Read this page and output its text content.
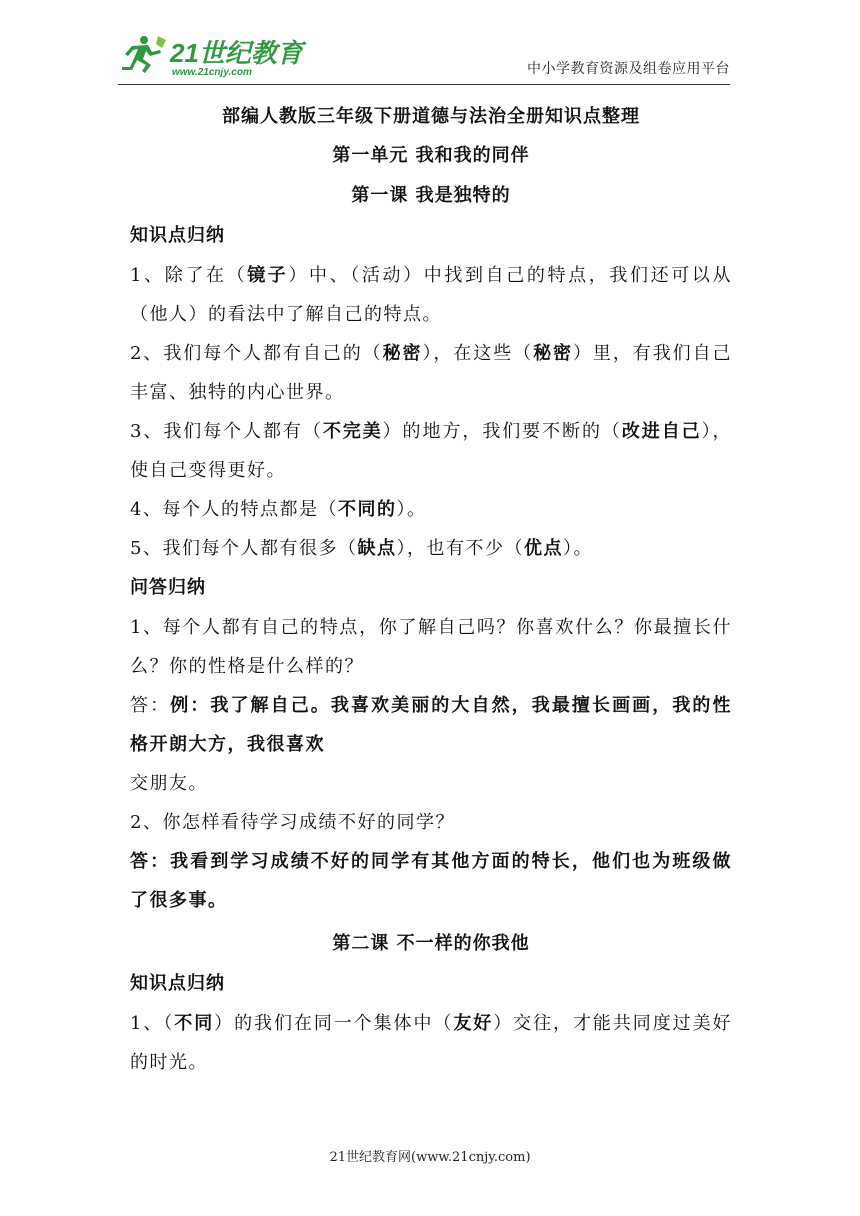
21世纪教育
www.21cnjy.com	中小学教育资源及组卷应用平台
部编人教版三年级下册道德与法治全册知识点整理
第一单元 我和我的同伴
第一课 我是独特的
知识点归纳

1、除了在（镜子）中、（活动）中找到自己的特点，我们还可以从（他人）的看法中了解自己的特点。

2、我们每个人都有自己的（秘密），在这些（秘密）里，有我们自己丰富、独特的内心世界。

3、我们每个人都有（不完美）的地方，我们要不断的（改进自己），使自己变得更好。

4、每个人的特点都是（不同的）。

5、我们每个人都有很多（缺点），也有不少（优点）。

问答归纳

1、每个人都有自己的特点，你了解自己吗？你喜欢什么？你最擅长什么？你的性格是什么样的？

答：例：我了解自己。我喜欢美丽的大自然，我最擅长画画，我的性格开朗大方，我很喜欢

交朋友。

2、你怎样看待学习成绩不好的同学？

答：我看到学习成绩不好的同学有其他方面的特长，他们也为班级做了很多事。

第二课 不一样的你我他
知识点归纳

1、（不同）的我们在同一个集体中（友好）交往，才能共同度过美好的时光。

21世纪教育网(www.21cnjy.com)
